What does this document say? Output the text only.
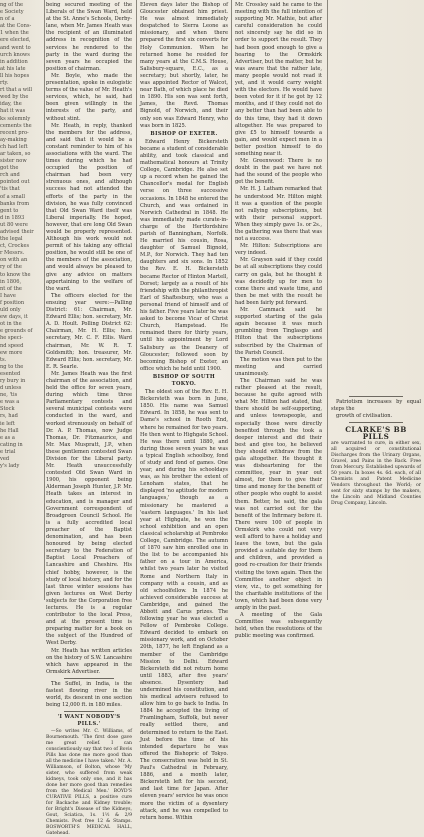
ng of the
e Society
n of a
at the Cons-
1 when the
ere elected,
and went to
urch knows
in addition
at his late
ll his hopes
rty.
rt that a will
wed by the
iday, the
hat it was
ks solemnly
cements the
recent pro-
ay-making
ch had left
ar taken, so
sister now
got the
rch and
pointed out
'tis that
of a small
banks from
gent to
d in 1893
ut 80 were
advised their
the legal
ct, Crockes
r Messrs.
on with an
ry of the
to know the
in 1806,
nt of the
I have
f position
uld only
ew days, it
ot in the
e grounds of
he speci-
nd speed
ew more
ts.
ng to the
esented
ry bury in
d unless
ne, 'tis
e was a
Stock
rs, had
ie left
he Hall
e as a
cating in
e trial
ved
y's lady

being secured meeting of the Liberals of the Swan Ward, held at the St. Anne's Schools, Derby-lane, when Mr. James Heath was the recipient of an illuminated address in recognition of the services he rendered to the party in the ward during the seven years he occupied the position of chairman.

Mr. Boyle, who made the presentation, spoke in eulogistic terms of the value of Mr. Heath's services, which, he said, had been given willingly in the interests of the party, and without stint.

Mr. Heath, in reply, thanked the members for the address, and said that it would be a constant reminder to him of his associations with the ward. The times during which he had occupied the position of chairman had been very strenuous ones, and although success had not attended the efforts of the party in the division, he was fully convinced that Old Swan Ward itself was Liberal imperially. He hoped, however, that ere long Old Swan would be properly represented. Although his work would not permit of his taking any official position, he would still be one of the members of the association, and would always be pleased to give any advice on matters appertaining to the welfare of the ward.

The officers elected for the ensuing year were:—Palling District: 61: Chairman, Mr. Edward Ellis; hon. secretary, Mr. A. D. Hoult. Polling District 62: Chairman, Mr. H. Ellis; hon. secretary, Mr. C. F. Ellis. Ward chairman, Mr. W. R. T. Goldsmith; hon. treasurer, Mr. Edward Ellis; hon. secretary, Mr. E. R. Searle.

Mr. James Heath was the first chairman of the association, and held the office for seven years, during which time three Parliamentary contests and several municipal contests were conducted in the ward, and worked strenuously on behalf of Dr. A. P. Thomas, now Judge Thomas, Dr. Fitzmaurice, and Mr. Max Muspratt, J.P., when these gentlemen contested Swan Division for the Liberal party. Mr. Heath unsuccessfully contested Old Swan Ward in 1900, his opponent being Alderman Joseph Hunter, J.P. Mr. Heath takes an interest in education, and is manager and Government correspondent of Broadgreen Council School. He is a fully accredited local preacher of the Baptist denomination, and has been honoured by being elected secretary to the Federation of Baptist Local Preachers of Lancashire and Cheshire. His chief hobby, however, is the study of local history, and for the last three winter sessions has given lectures on West Derby subjects for the Corporation free lectures. He is a regular contributor to the local Press, and at the present time is preparing matter for a book on the subject of the Hundred of West Derby.

Mr. Heath has written articles on the history of S.W. Lancashire which have appeared in the Ormskirk Advertiser.

The Suffel, in India, is the fastest flowing river in the world, its descent in one section being 12,000 ft. in 180 miles.

'I WANT NOBODY'S PILLS.'

—So writes Mr. C. Williams, of Bournemouth. 'The first dose gave me great relief. I can conscientiously say that two of Bovis Pills has done me more good than all the medicine I have taken.' Mr. A. Williamson, of Bolton, whose 'My sister, who suffered from weak kidneys, took only one, and it has done her more good than remedies from the Medical Men.' BOYD'S CURATIVE PILLS, a positive cure for Backache and Kidney trouble; for Bright's Disease of the Kidneys, Gout, Sciatica, 1s. 1½ & 2/9 Chemists. Post free 12 & Stamps. BOSWORTH'S MEDICAL HALL, Gatehead.

Eleven days later the Bishop of Gloucester obtained him priest. He was almost immediately despatched to Sierra Leone as missionary, and when there prepared the first six converts for Holy Communion. When he returned home he resided for many years at the C.M.S. House, Salisbury-square, E.C., as a secretary; but shortly, later, he was appointed Rector of Walcot, near Bath, of which place he died in 1890. His son was sent forth, James, the Revd. Thomas Bignold, of Norwich, and their only son was Edward Henry, who was born in 1825.

BISHOP OF EXETER.

Edward Henry Bickersteth became a student of considerable ability, and took classical and mathematical honours at Trinity College, Cambridge. He also set up a record when he gained the Chancellor's medal for English verse on three successive occasions. In 1848 he entered the Church, and was ordained in Norwich Cathedral in 1848. He was immediately made curate-in-charge of the Hertfordshire parish of Banningham, Norfolk. He married his cousin, Rosa, daughter of Samuel Bignold, M.P., for Norwich. They had ten daughters and six sons. In 1852 the Rev. E. H. Bickersteth became Rector of Hinton Martell, Dorset; largely as a result of his friendship with the philanthropist Earl of Shaftesbury, who was a personal friend of himself and of his father. Five years later he was asked to become Vicar of Christ Church, Hampstead. He remained there for thirty years, until his appointment by Lord Salisbury as the Deanery of Gloucester; followed soon by becoming Bishop of Exeter, an office which he held until 1900.

BISHOP OF SOUTH TOKYO.

The oldest son of the Rev. E. H. Bickersteth was born in June, 1850. His name was Samuel Edward. In 1858, he was sent to Dame's school in Rooth End, where he remained for two years. He then went to Highgate School. He was there until 1880, and during those seven years he was a typical English schoolboy, fond of study and fond of games. One year, and during his schooldays was, as his brother the extent of Lenoham states, that he displayed 'no aptitude for modern languages,' though as a missionary he mastered a 'eastern languages.' In his last year at Highgate, he won the school exhibition and an open classical scholarship at Pembroke College, Cambridge. The autumn of 1870 saw him enrolled one in the list to be accompanied his father on a tour in America, whilst two years later he visited Rome and Northern Italy in company with a cousin, and as old schoolfellow. In 1874 he achieved considerable success at Cambridge, and gained the Abbott and Carus prizes. The following year he was elected a Fellow of Pembroke College. Edward decided to embark on missionary work, and on October 20th, 1877, he left England as a member of the Cambridge Mission to Delhi. Edward Bickersteth did not return home until 1883, after five years' absence. Dysentery had undermined his constitution, and his medical advisers refused to allow him to go back to India. In 1884 he accepted the living of Framlingham, Suffolk, but never really settled there, and determined to return to the East. Just before the time of his intended departure he was offered the Bishopric of Tokyo. The consecration was held in St. Paul's Cathedral in February, 1886, and a month later, Bickersteth left for his second, and last time for Japan. After eleven years' service he was once more the victim of a dysentery attack, and he was compelled to return home. Within

Mr. Crossley said he came to the meeting with the full intention of supporting Mr. Mathie, but after careful consideration he could not sincerely say he did so in order to support the result. They had been good enough to give a hearing to the Ormskirk Advertiser, but the matter, but he was aware that the rather late, many people would not read it yet, and it would carry weight with the electors. He would have been voted for it if he got by 12 months, and if they could not do any better than had been able to do this time, they had it down altogether. He was prepared to give £5 to himself towards a gain, and would expect men in a better position himself to do something near it.

Mr. Greenwood: There is no doubt in the past we have not had the sound of the people who get the benefit.

Mr. H. J. Latham remarked that he understood Mr. Hilton might it was a question of the people not rallying subscriptions, but with their personal support. When they simply gave 1s. or 2s., the gathering was there that was not a success.

Mr. Hilton: Subscriptions are very indeed.

Mr. Grayson said if they could be at all subscriptions they could carry on gala, but he thought it was decidedly up for men to come there and waste time, and then be met with the result he had been fairly put forward.

Mr. Cammack said he supported starting of the gala again because it was much grumbling from Tinglasgo and Hilton that the subscriptions subscribed by the Chairman of the Parish Council.

The motion was then put to the meeting and carried unanimously.

The Chairman said he was rather pleased at the result, because he quite agreed with what Mr. Hilton had stated, that there should be self-supporting, and unless townspeople, and especially those were directly benefited through the took a deeper interest and did their best and give too, he believed they should withdraw from the gala altogether. He thought it was disheartening for the committee, year in year out almost, for them to give their time and money for the benefit of other people who ought to assist them. Better, he said, the gala was not carried out for the benefit of the Infirmary before it. There were 100 of people in Ormskirk who could not very well afford to have a holiday and leave the town, but the gala provided a suitable day for them and children, and provided a good re-creation for their friends visiting the town again. Then the Committee another object in view, viz., to get something for the charitable institutions of the town, which had been done very amply in the past.

A meeting of the Gala Committee was subsequently held, when the resolutions of the public meeting was confirmed.

Patriotism increases by equal steps the

growth of civilisation.

CLARKE'S BB PILLS

are warranted to cure, in either sex, all acquired or constitutional Discharges from the Urinary Organs, Gravel, and Pains in the Back. Free from Mercury. Established upwards of 50 years. In boxes 4s. 6d. each, of all Chemists and Patent Medicine Vendors throughout the World; or sent for sixty stamps by the makers, the Lincoln and Midland Counties Drug Company, Lincoln.
